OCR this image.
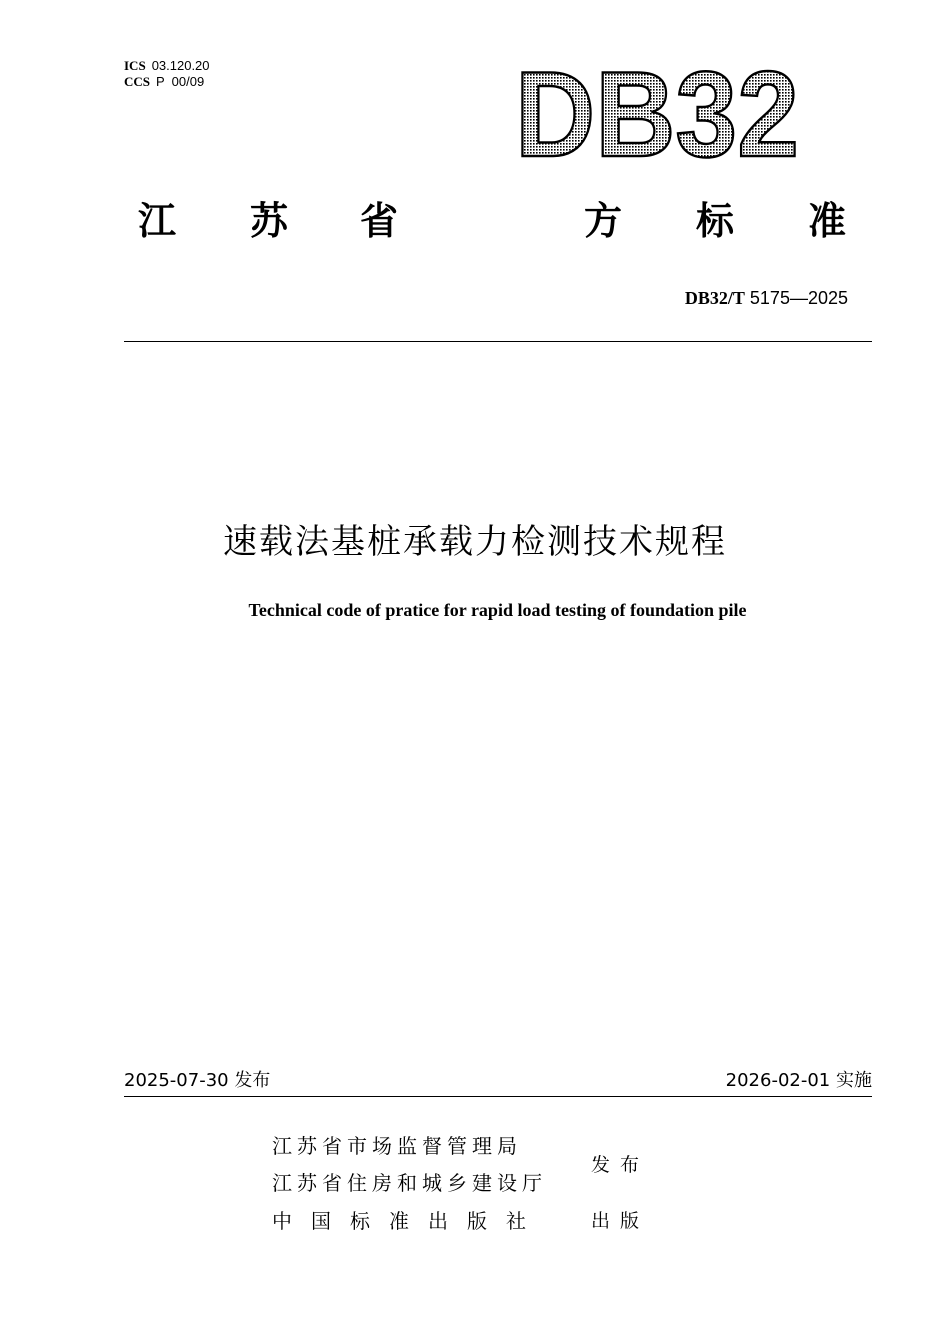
ICS 03.120.20
CCS P  00/09	DB32
江 苏 省	方 标 准
DB32/T 5175—2025
速载法基桩承载力检测技术规程
Technical code of pratice for rapid load testing of foundation pile
2025-07-30 发布	2026-02-01 实施
江苏省市场监督管理局
江苏省住房和城乡建设厅
发布
中国标准出版社 出版
